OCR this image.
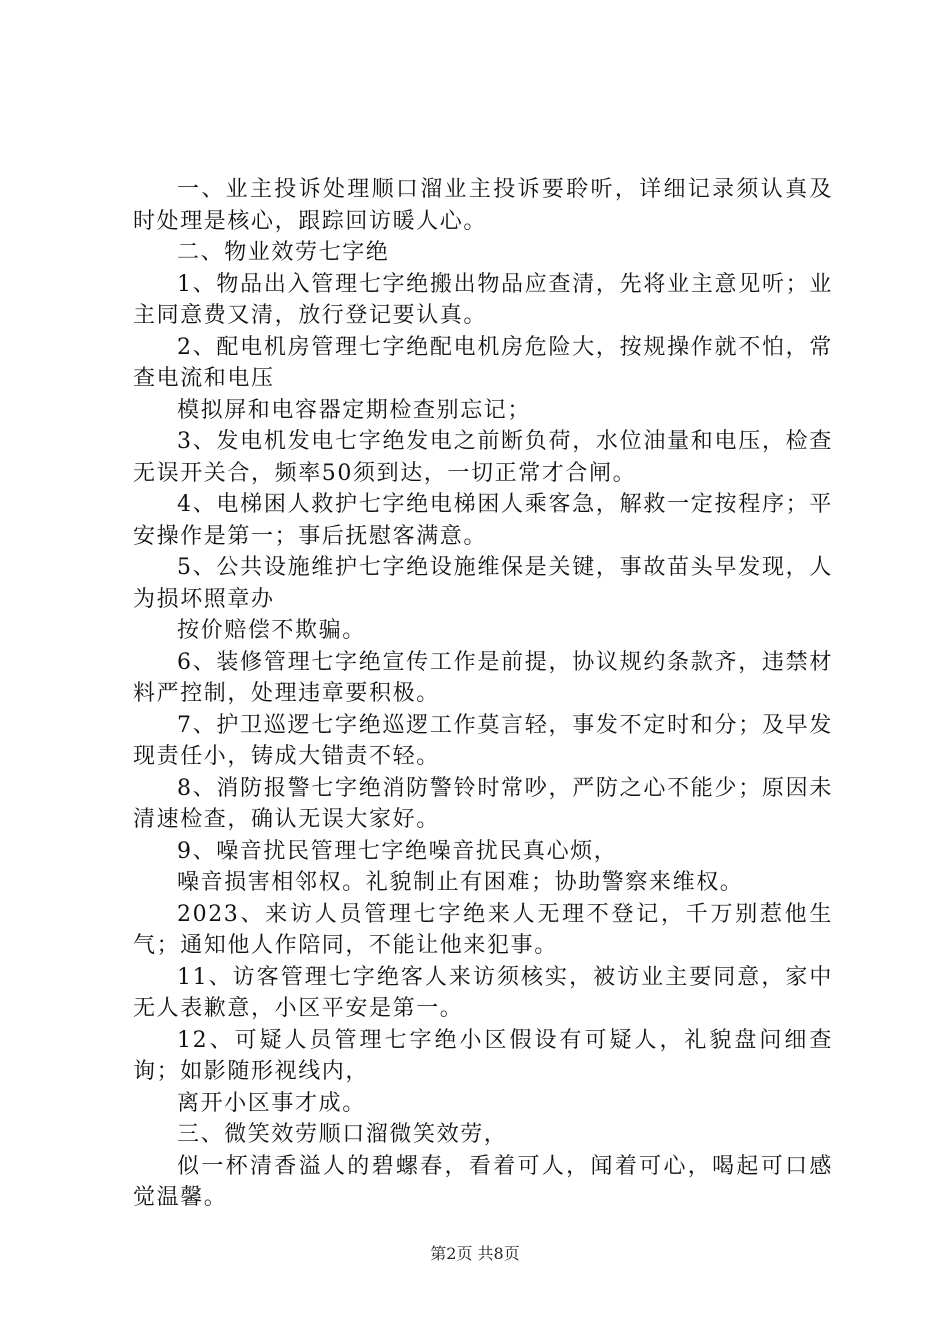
一、业主投诉处理顺口溜业主投诉要聆听，详细记录须认真及时处理是核心，跟踪回访暖人心。

二、物业效劳七字绝

1、物品出入管理七字绝搬出物品应查清，先将业主意见听；业主同意费又清，放行登记要认真。

2、配电机房管理七字绝配电机房危险大，按规操作就不怕，常查电流和电压

模拟屏和电容器定期检查别忘记；

3、发电机发电七字绝发电之前断负荷，水位油量和电压，检查无误开关合，频率50须到达，一切正常才合闸。

4、电梯困人救护七字绝电梯困人乘客急，解救一定按程序；平安操作是第一；事后抚慰客满意。

5、公共设施维护七字绝设施维保是关键，事故苗头早发现，人为损坏照章办

按价赔偿不欺骗。

6、装修管理七字绝宣传工作是前提，协议规约条款齐，违禁材料严控制，处理违章要积极。

7、护卫巡逻七字绝巡逻工作莫言轻，事发不定时和分；及早发现责任小，铸成大错责不轻。

8、消防报警七字绝消防警铃时常吵，严防之心不能少；原因未清速检查，确认无误大家好。

9、噪音扰民管理七字绝噪音扰民真心烦，

噪音损害相邻权。礼貌制止有困难；协助警察来维权。

2023、来访人员管理七字绝来人无理不登记，千万别惹他生气；通知他人作陪同，不能让他来犯事。

11、访客管理七字绝客人来访须核实，被访业主要同意，家中无人表歉意，小区平安是第一。

12、可疑人员管理七字绝小区假设有可疑人，礼貌盘问细查询；如影随形视线内，

离开小区事才成。

三、微笑效劳顺口溜微笑效劳，

似一杯清香溢人的碧螺春，看着可人，闻着可心，喝起可口感觉温馨。

第2页 共8页
